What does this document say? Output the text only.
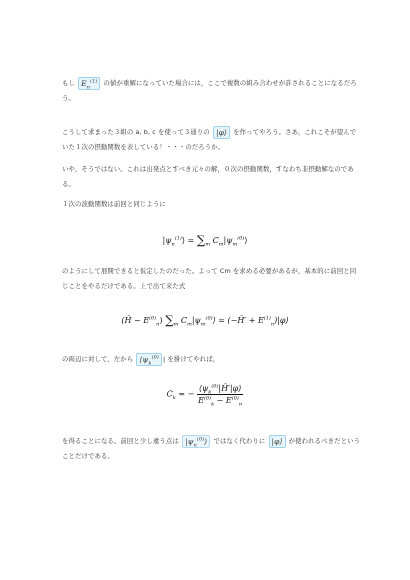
もし $E_n^{(1)}$ の値が重解になっていた場合には，ここで複数の組み合わせが許されることになるだろう。
こうして求まった３組の a, b, c を使って３通りの |φ⟩ を作ってやろう。さあ，これこそが望んでいた１次の摂動関数を表している！・・・のだろうか。
いや，そうではない。これは出発点とすべき元々の解，０次の摂動関数，すなわち非摂動解なのである。
１次の波動関数は前回と同じように
$|\psi_n^{(1)}⟩ = \sum_m$ $C_m|\psi_m^{(0)}⟩$
のようにして展開できると仮定したのだった。よって Cm を求める必要があるが，基本的に前回と同じことをやるだけである。上で出て来た式
(Ĥ − $E^{(0)}_n$) $\sum_m$ $C_m|\psi_m^{(0)}⟩$ = (−Ĥ′ + $E^{(1)}_n)|\varphi⟩$
の両辺に対して，左から $⟨\psi_k^{(0)}$ | を掛けてやれば，
$C_k$ = − $\frac{⟨\psi_k^{(0)}|Ĥ'|\varphi⟩}{E^{(0)}_k - E^{(0)}_n}$
を得ることになる。前回と少し違う点は $|\psi_n^{(0)}⟩$ ではなく代わりに |φ⟩ が使われるべきだということだけである。
